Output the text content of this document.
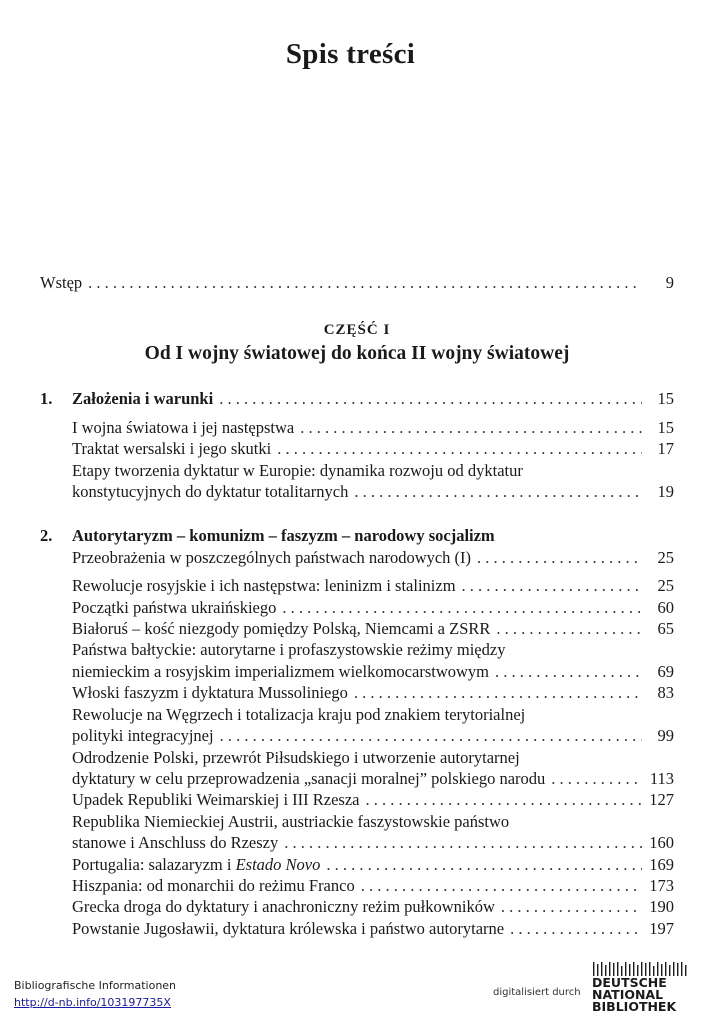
Spis treści
Wstęp . . .	9
CZĘŚĆ I
Od I wojny światowej do końca II wojny światowej
1.	Założenia i warunki . . .	15
I wojna światowa i jej następstwa . . .	15
Traktat wersalski i jego skutki . . .	17
Etapy tworzenia dyktatur w Europie: dynamika rozwoju od dyktatur
konstytucyjnych do dyktatur totalitarnych . . .	19
2.	Autorytaryzm – komunizm – faszyzm – narodowy socjalizm
Przeobrażenia w poszczególnych państwach narodowych (I) . . .	25
Rewolucje rosyjskie i ich następstwa: leninizm i stalinizm . . .	25
Początki państwa ukraińskiego . . .	60
Białoruś – kość niezgody pomiędzy Polską, Niemcami a ZSRR . . .	65
Państwa bałtyckie: autorytarne i profaszystowskie reżimy między
niemieckim a rosyjskim imperializmem wielkomocarstwowym . . .	69
Włoski faszyzm i dyktatura Mussoliniego . . .	83
Rewolucje na Węgrzech i totalizacja kraju pod znakiem terytorialnej
polityki integracyjnej . . .	99
Odrodzenie Polski, przewrót Piłsudskiego i utworzenie autorytarnej
dyktatury w celu przeprowadzenia „sanacji moralnej” polskiego narodu . . .	113
Upadek Republiki Weimarskiej i III Rzesza . . .	127
Republika Niemieckiej Austrii, austriackie faszystowskie państwo
stanowe i Anschluss do Rzeszy . . .	160
Portugalia: salazaryzm i Estado Novo . . .	169
Hiszpania: od monarchii do reżimu Franco . . .	173
Grecka droga do dyktatury i anachroniczny reżim pułkowników . . .	190
Powstanie Jugosławii, dyktatura królewska i państwo autorytarne . . .	197
Bibliografische Informationen
http://d-nb.info/103197735X
digitalisiert durch
DEUTSCHE
NATIONAL
BIBLIOTHEK
